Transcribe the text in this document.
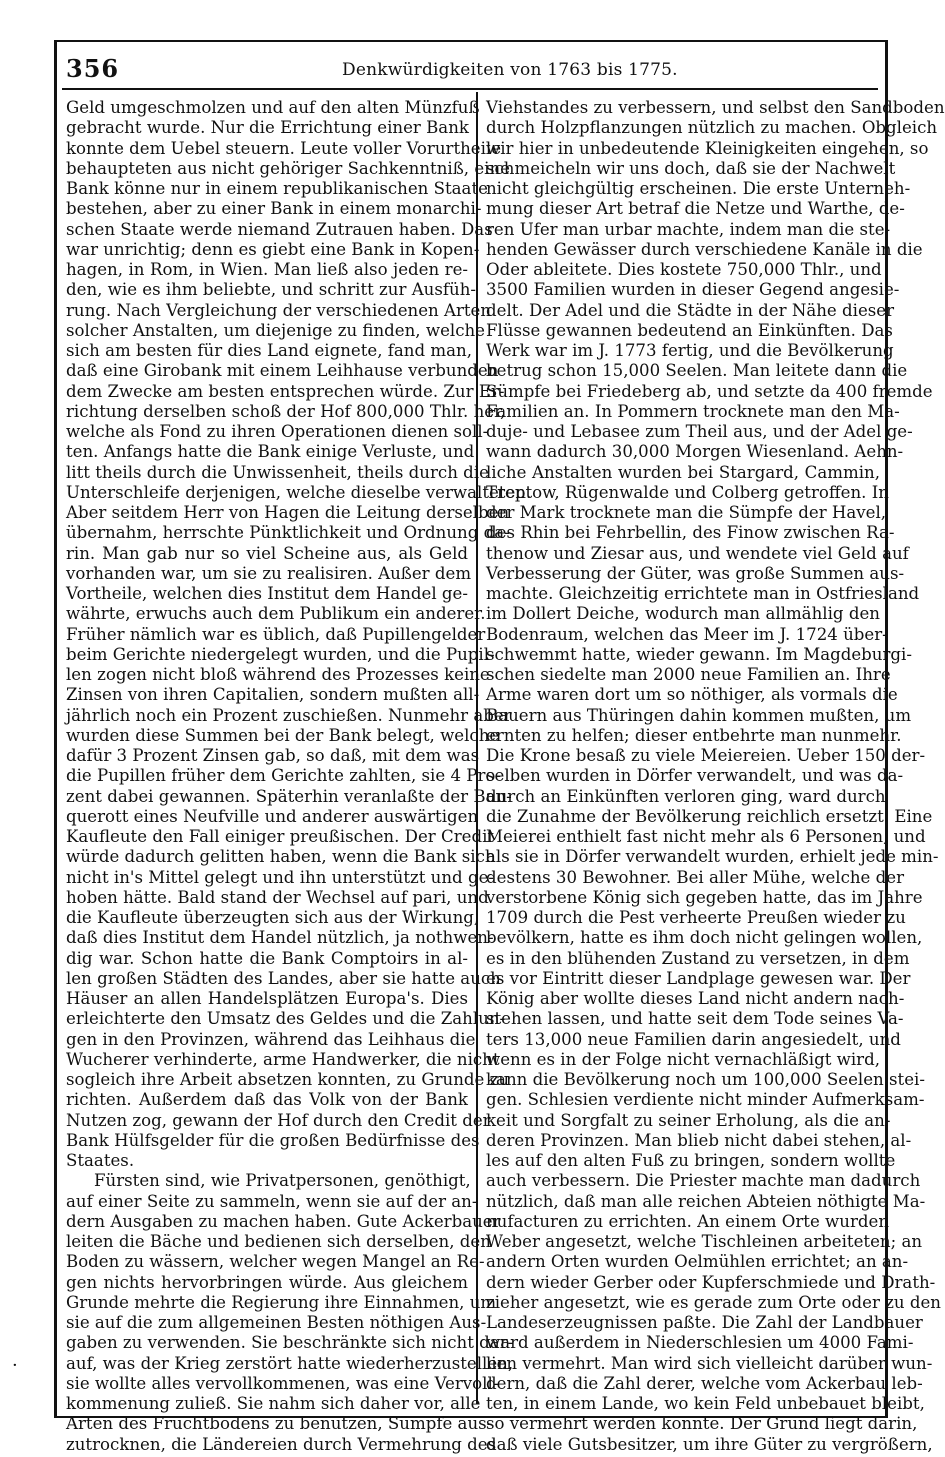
356	Denkwürdigkeiten von 1763 bis 1775.
Geld umgeschmolzen und auf den alten Münzfuß
gebracht wurde. Nur die Errichtung einer Bank
konnte dem Uebel steuern. Leute voller Vorurtheile
behaupteten aus nicht gehöriger Sachkenntniß, eine
Bank könne nur in einem republikanischen Staate
bestehen, aber zu einer Bank in einem monarchi-
schen Staate werde niemand Zutrauen haben. Das
war unrichtig; denn es giebt eine Bank in Kopen-
hagen, in Rom, in Wien. Man ließ also jeden re-
den, wie es ihm beliebte, und schritt zur Ausfüh-
rung. Nach Vergleichung der verschiedenen Arten
solcher Anstalten, um diejenige zu finden, welche
sich am besten für dies Land eignete, fand man,
daß eine Girobank mit einem Leihhause verbunden
dem Zwecke am besten entsprechen würde. Zur Er-
richtung derselben schoß der Hof 800,000 Thlr. her,
welche als Fond zu ihren Operationen dienen soll-
ten. Anfangs hatte die Bank einige Verluste, und
litt theils durch die Unwissenheit, theils durch die
Unterschleife derjenigen, welche dieselbe verwalteten.
Aber seitdem Herr von Hagen die Leitung derselben
übernahm, herrschte Pünktlichkeit und Ordnung da-
rin. Man gab nur so viel Scheine aus, als Geld
vorhanden war, um sie zu realisiren. Außer dem
Vortheile, welchen dies Institut dem Handel ge-
währte, erwuchs auch dem Publikum ein anderer.
Früher nämlich war es üblich, daß Pupillengelder
beim Gerichte niedergelegt wurden, und die Pupil-
len zogen nicht bloß während des Prozesses keine
Zinsen von ihren Capitalien, sondern mußten all-
jährlich noch ein Prozent zuschießen. Nunmehr aber
wurden diese Summen bei der Bank belegt, welche
dafür 3 Prozent Zinsen gab, so daß, mit dem was
die Pupillen früher dem Gerichte zahlten, sie 4 Pro-
zent dabei gewannen. Späterhin veranlaßte der Ban-
querott eines Neufville und anderer auswärtigen
Kaufleute den Fall einiger preußischen. Der Credit
würde dadurch gelitten haben, wenn die Bank sich
nicht in's Mittel gelegt und ihn unterstützt und ge-
hoben hätte. Bald stand der Wechsel auf pari, und
die Kaufleute überzeugten sich aus der Wirkung,
daß dies Institut dem Handel nützlich, ja nothwen-
dig war. Schon hatte die Bank Comptoirs in al-
len großen Städten des Landes, aber sie hatte auch
Häuser an allen Handelsplätzen Europa's. Dies
erleichterte den Umsatz des Geldes und die Zahlun-
gen in den Provinzen, während das Leihhaus die
Wucherer verhinderte, arme Handwerker, die nicht
sogleich ihre Arbeit absetzen konnten, zu Grunde zu
richten. Außerdem daß das Volk von der Bank
Nutzen zog, gewann der Hof durch den Credit der
Bank Hülfsgelder für die großen Bedürfnisse des
Staates.
Fürsten sind, wie Privatpersonen, genöthigt,
auf einer Seite zu sammeln, wenn sie auf der an-
dern Ausgaben zu machen haben. Gute Ackerbauer
leiten die Bäche und bedienen sich derselben, den
Boden zu wässern, welcher wegen Mangel an Re-
gen nichts hervorbringen würde. Aus gleichem
Grunde mehrte die Regierung ihre Einnahmen, um
sie auf die zum allgemeinen Besten nöthigen Aus-
gaben zu verwenden. Sie beschränkte sich nicht dar-
auf, was der Krieg zerstört hatte wiederherzustellen,
sie wollte alles vervollkommenen, was eine Vervoll-
kommenung zuließ. Sie nahm sich daher vor, alle
Arten des Fruchtbodens zu benutzen, Sümpfe aus-
zutrocknen, die Ländereien durch Vermehrung des
Viehstandes zu verbessern, und selbst den Sandboden
durch Holzpflanzungen nützlich zu machen. Obgleich
wir hier in unbedeutende Kleinigkeiten eingehen, so
schmeicheln wir uns doch, daß sie der Nachwelt
nicht gleichgültig erscheinen. Die erste Unterneh-
mung dieser Art betraf die Netze und Warthe, de-
ren Ufer man urbar machte, indem man die ste-
henden Gewässer durch verschiedene Kanäle in die
Oder ableitete. Dies kostete 750,000 Thlr., und
3500 Familien wurden in dieser Gegend angesie-
delt. Der Adel und die Städte in der Nähe dieser
Flüsse gewannen bedeutend an Einkünften. Das
Werk war im J. 1773 fertig, und die Bevölkerung
betrug schon 15,000 Seelen. Man leitete dann die
Sümpfe bei Friedeberg ab, und setzte da 400 fremde
Familien an. In Pommern trocknete man den Ma-
duje- und Lebasee zum Theil aus, und der Adel ge-
wann dadurch 30,000 Morgen Wiesenland. Aehn-
liche Anstalten wurden bei Stargard, Cammin,
Treptow, Rügenwalde und Colberg getroffen. In
der Mark trocknete man die Sümpfe der Havel,
des Rhin bei Fehrbellin, des Finow zwischen Ra-
thenow und Ziesar aus, und wendete viel Geld auf
Verbesserung der Güter, was große Summen aus-
machte. Gleichzeitig errichtete man in Ostfriesland
im Dollert Deiche, wodurch man allmählig den
Bodenraum, welchen das Meer im J. 1724 über-
schwemmt hatte, wieder gewann. Im Magdeburgi-
schen siedelte man 2000 neue Familien an. Ihre
Arme waren dort um so nöthiger, als vormals die
Bauern aus Thüringen dahin kommen mußten, um
ernten zu helfen; dieser entbehrte man nunmehr.
Die Krone besaß zu viele Meiereien. Ueber 150 der-
selben wurden in Dörfer verwandelt, und was da-
durch an Einkünften verloren ging, ward durch
die Zunahme der Bevölkerung reichlich ersetzt. Eine
Meierei enthielt fast nicht mehr als 6 Personen, und
als sie in Dörfer verwandelt wurden, erhielt jede min-
destens 30 Bewohner. Bei aller Mühe, welche der
verstorbene König sich gegeben hatte, das im Jahre
1709 durch die Pest verheerte Preußen wieder zu
bevölkern, hatte es ihm doch nicht gelingen wollen,
es in den blühenden Zustand zu versetzen, in dem
es vor Eintritt dieser Landplage gewesen war. Der
König aber wollte dieses Land nicht andern nach-
stehen lassen, und hatte seit dem Tode seines Va-
ters 13,000 neue Familien darin angesiedelt, und
wenn es in der Folge nicht vernachläßigt wird,
kann die Bevölkerung noch um 100,000 Seelen stei-
gen. Schlesien verdiente nicht minder Aufmerksam-
keit und Sorgfalt zu seiner Erholung, als die an-
deren Provinzen. Man blieb nicht dabei stehen, al-
les auf den alten Fuß zu bringen, sondern wollte
auch verbessern. Die Priester machte man dadurch
nützlich, daß man alle reichen Abteien nöthigte Ma-
nufacturen zu errichten. An einem Orte wurden
Weber angesetzt, welche Tischleinen arbeiteten; an
andern Orten wurden Oelmühlen errichtet; an an-
dern wieder Gerber oder Kupferschmiede und Drath-
zieher angesetzt, wie es gerade zum Orte oder zu den
Landeserzeugnissen paßte. Die Zahl der Landbauer
ward außerdem in Niederschlesien um 4000 Fami-
lien vermehrt. Man wird sich vielleicht darüber wun-
dern, daß die Zahl derer, welche vom Ackerbau leb-
ten, in einem Lande, wo kein Feld unbebauet bleibt,
so vermehrt werden konnte. Der Grund liegt darin,
daß viele Gutsbesitzer, um ihre Güter zu vergrößern,
·
